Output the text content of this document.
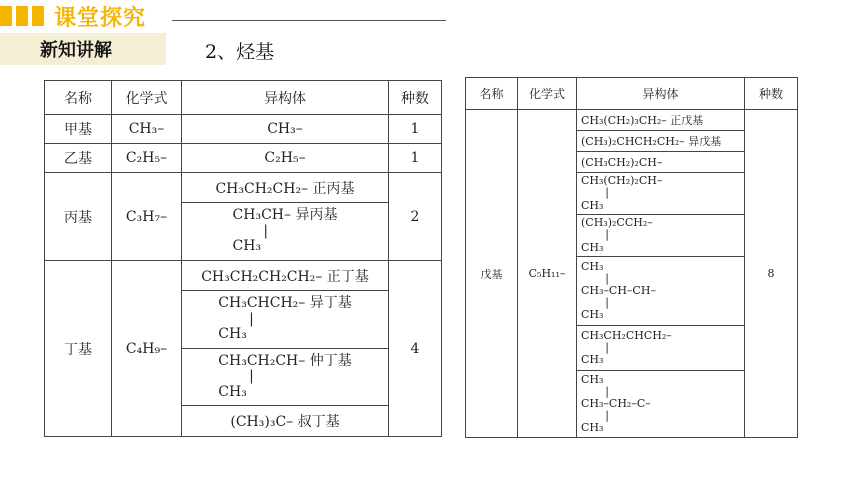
课堂探究
新知讲解	2、烃基
名称	化学式	异构体	种数
甲基	CH₃–	CH₃–	1
乙基	C₂H₅–	C₂H₅–	1
丙基	C₃H₇–	CH₃CH₂CH₂– 正丙基	2

		CH₃CH– 异丙基
|
CH₃	

丁基	C₄H₉–	CH₃CH₂CH₂CH₂– 正丁基	4

		CH₃CHCH₂– 异丁基
|
CH₃	

		CH₃CH₂CH– 仲丁基
|
CH₃	

		(CH₃)₃C– 叔丁基	
名称	化学式	异构体	种数
戊基	C₅H₁₁–	CH₃(CH₂)₃CH₂– 正戊基	8
		(CH₃)₂CHCH₂CH₂– 异戊基	
		(CH₃CH₂)₂CH–	

		CH₃(CH₂)₂CH–
|
CH₃	

		(CH₃)₂CCH₂–
|
CH₃	

		CH₃
|
CH₃–CH–CH–
|
CH₃	

		CH₃CH₂CHCH₂–
|
CH₃	

		CH₃
|
CH₃–CH₂–C–
|
CH₃	
